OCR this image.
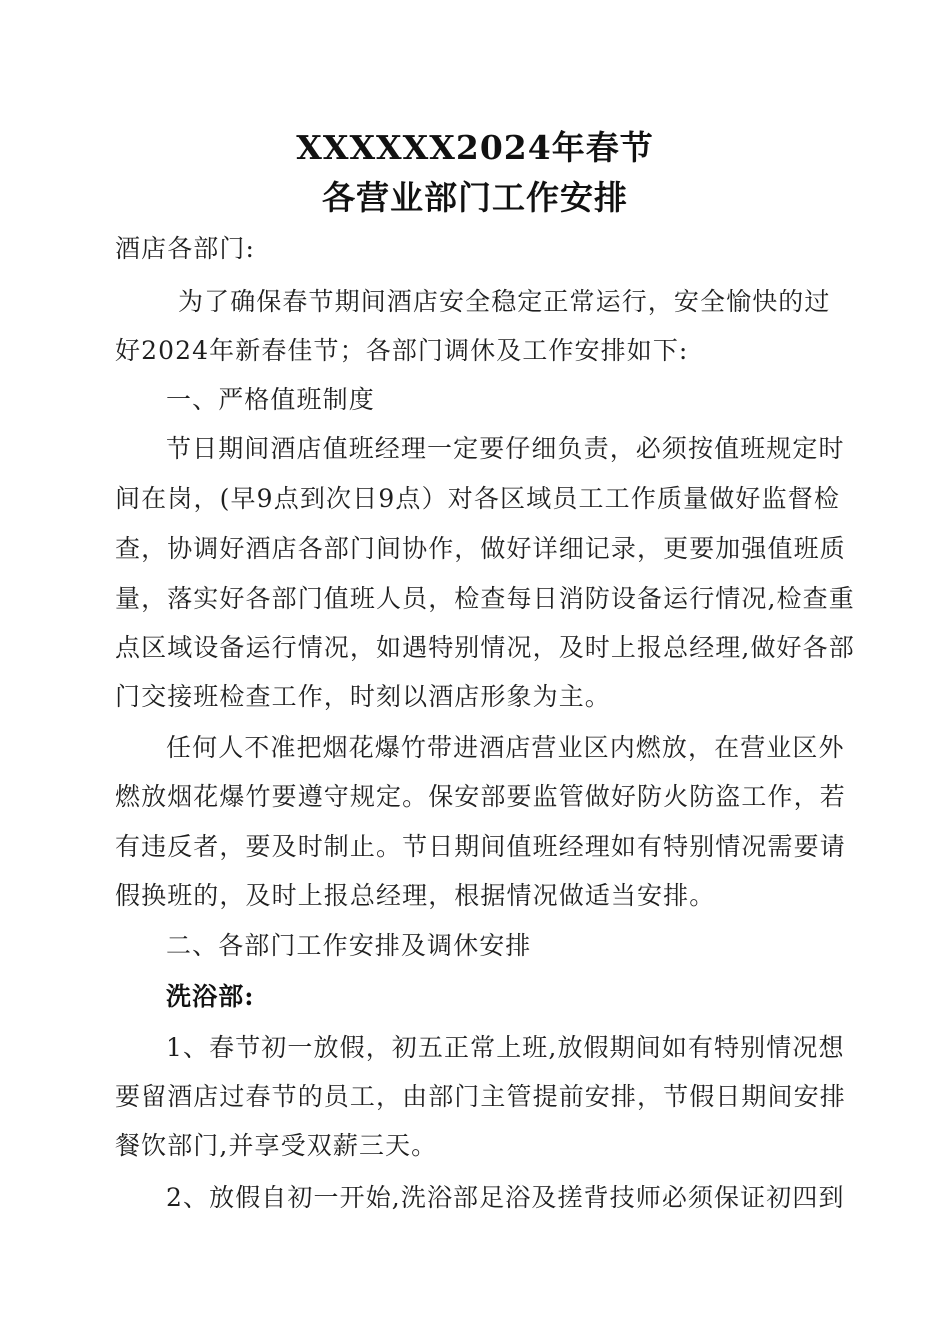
XXXXXX2024年春节
各营业部门工作安排
酒店各部门:
为了确保春节期间酒店安全稳定正常运行，安全愉快的过
好2024年新春佳节；各部门调休及工作安排如下:
一、严格值班制度
节日期间酒店值班经理一定要仔细负责，必须按值班规定时
间在岗，(早9点到次日9点）对各区域员工工作质量做好监督检
查，协调好酒店各部门间协作，做好详细记录，更要加强值班质
量，落实好各部门值班人员，检查每日消防设备运行情况,检查重
点区域设备运行情况，如遇特别情况，及时上报总经理,做好各部
门交接班检查工作，时刻以酒店形象为主。
任何人不准把烟花爆竹带进酒店营业区内燃放，在营业区外
燃放烟花爆竹要遵守规定。保安部要监管做好防火防盗工作，若
有违反者，要及时制止。节日期间值班经理如有特别情况需要请
假换班的，及时上报总经理，根据情况做适当安排。
二、各部门工作安排及调休安排
洗浴部:
1、春节初一放假，初五正常上班,放假期间如有特别情况想
要留酒店过春节的员工，由部门主管提前安排，节假日期间安排
餐饮部门,并享受双薪三天。
2、放假自初一开始,洗浴部足浴及搓背技师必须保证初四到
